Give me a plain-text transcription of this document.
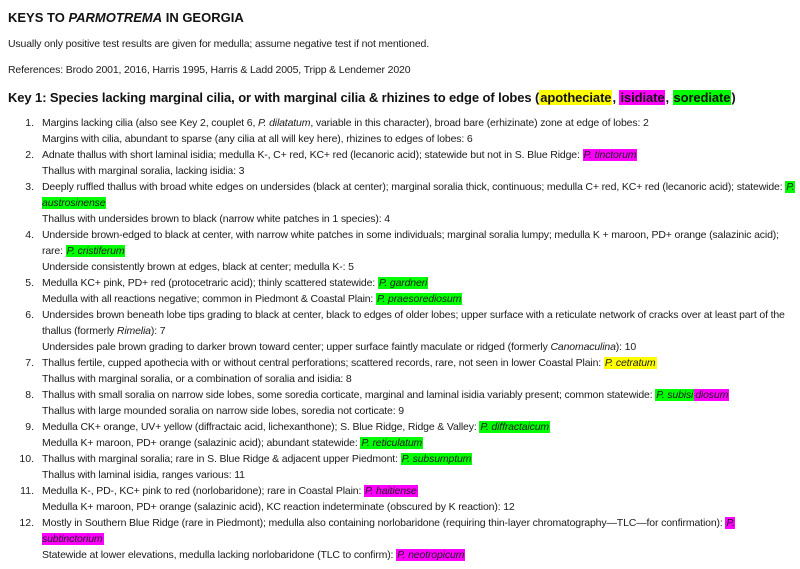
KEYS TO PARMOTREMA IN GEORGIA

Usually only positive test results are given for medulla; assume negative test if not mentioned.

References: Brodo 2001, 2016, Harris 1995, Harris & Ladd 2005, Tripp & Lendemer 2020

Key 1: Species lacking marginal cilia, or with marginal cilia & rhizines to edge of lobes (apotheciate, isidiate, sorediate)
1. Margins lacking cilia (also see Key 2, couplet 6, P. dilatatum, variable in this character), broad bare (erhizinate) zone at edge of lobes: 2
Margins with cilia, abundant to sparse (any cilia at all will key here), rhizines to edges of lobes: 6
2. Adnate thallus with short laminal isidia; medulla K-, C+ red, KC+ red (lecanoric acid); statewide but not in S. Blue Ridge: P. tinctorum
Thallus with marginal soralia, lacking isidia: 3
3. Deeply ruffled thallus with broad white edges on undersides (black at center); marginal soralia thick, continuous; medulla C+ red, KC+ red (lecanoric acid); statewide: P. austrosinense
Thallus with undersides brown to black (narrow white patches in 1 species): 4
4. Underside brown-edged to black at center, with narrow white patches in some individuals; marginal soralia lumpy; medulla K + maroon, PD+ orange (salazinic acid); rare: P. cristiferum
Underside consistently brown at edges, black at center; medulla K-: 5
5. Medulla KC+ pink, PD+ red (protocetraric acid); thinly scattered statewide: P. gardneri
Medulla with all reactions negative; common in Piedmont & Coastal Plain: P. praesorediosum
6. Undersides brown beneath lobe tips grading to black at center, black to edges of older lobes; upper surface with a reticulate network of cracks over at least part of the thallus (formerly Rimelia): 7
Undersides pale brown grading to darker brown toward center; upper surface faintly maculate or ridged (formerly Canomaculina): 10
7. Thallus fertile, cupped apothecia with or without central perforations; scattered records, rare, not seen in lower Coastal Plain: P. cetratum
Thallus with marginal soralia, or a combination of soralia and isidia: 8
8. Thallus with small soralia on narrow side lobes, some soredia corticate, marginal and laminal isidia variably present; common statewide: P. subisi diosum
Thallus with large mounded soralia on narrow side lobes, soredia not corticate: 9
9. Medulla CK+ orange, UV+ yellow (diffractaic acid, lichexanthone); S. Blue Ridge, Ridge & Valley: P. diffractaicum
Medulla K+ maroon, PD+ orange (salazinic acid); abundant statewide: P. reticulatum
10. Thallus with marginal soralia; rare in S. Blue Ridge & adjacent upper Piedmont: P. subsumptum
Thallus with laminal isidia, ranges various: 11
11. Medulla K-, PD-, KC+ pink to red (norlobaridone); rare in Coastal Plain: P. haitiense
Medulla K+ maroon, PD+ orange (salazinic acid), KC reaction indeterminate (obscured by K reaction): 12
12. Mostly in Southern Blue Ridge (rare in Piedmont); medulla also containing norlobaridone (requiring thin-layer chromatography—TLC—for confirmation): P. subtinctorium
Statewide at lower elevations, medulla lacking norlobaridone (TLC to confirm): P. neotropicum
